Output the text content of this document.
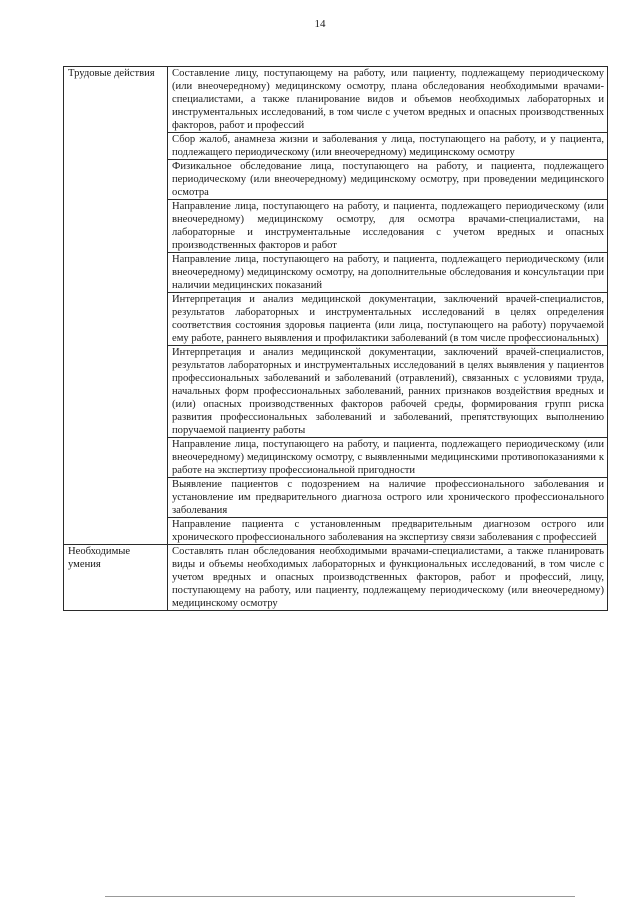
14
Трудовые действия	Составление лицу, поступающему на работу, или пациенту, подлежащему периодическому (или внеочередному) медицинскому осмотру, плана обследования необходимыми врачами-специалистами, а также планирование видов и объемов необходимых лабораторных и инструментальных исследований, в том числе с учетом вредных и опасных производственных факторов, работ и профессий
	Сбор жалоб, анамнеза жизни и заболевания у лица, поступающего на работу, и у пациента, подлежащего периодическому (или внеочередному) медицинскому осмотру
	Физикальное обследование лица, поступающего на работу, и пациента, подлежащего периодическому (или внеочередному) медицинскому осмотру, при проведении медицинского осмотра
	Направление лица, поступающего на работу, и пациента, подлежащего периодическому (или внеочередному) медицинскому осмотру, для осмотра врачами-специалистами, на лабораторные и инструментальные исследования с учетом вредных и опасных производственных факторов и работ
	Направление лица, поступающего на работу, и пациента, подлежащего периодическому (или внеочередному) медицинскому осмотру, на дополнительные обследования и консультации при наличии медицинских показаний
	Интерпретация и анализ медицинской документации, заключений врачей-специалистов, результатов лабораторных и инструментальных исследований в целях определения соответствия состояния здоровья пациента (или лица, поступающего на работу) поручаемой ему работе, раннего выявления и профилактики заболеваний (в том числе профессиональных)
	Интерпретация и анализ медицинской документации, заключений врачей-специалистов, результатов лабораторных и инструментальных исследований в целях выявления у пациентов профессиональных заболеваний и заболеваний (отравлений), связанных с условиями труда, начальных форм профессиональных заболеваний, ранних признаков воздействия вредных и (или) опасных производственных факторов рабочей среды, формирования групп риска развития профессиональных заболеваний и заболеваний, препятствующих выполнению поручаемой пациенту работы
	Направление лица, поступающего на работу, и пациента, подлежащего периодическому (или внеочередному) медицинскому осмотру, с выявленными медицинскими противопоказаниями к работе на экспертизу профессиональной пригодности
	Выявление пациентов с подозрением на наличие профессионального заболевания и установление им предварительного диагноза острого или хронического профессионального заболевания
	Направление пациента с установленным предварительным диагнозом острого или хронического профессионального заболевания на экспертизу связи заболевания с профессией
Необходимые умения	Составлять план обследования необходимыми врачами-специалистами, а также планировать виды и объемы необходимых лабораторных и функциональных исследований, в том числе с учетом вредных и опасных производственных факторов, работ и профессий, лицу, поступающему на работу, или пациенту, подлежащему периодическому (или внеочередному) медицинскому осмотру
